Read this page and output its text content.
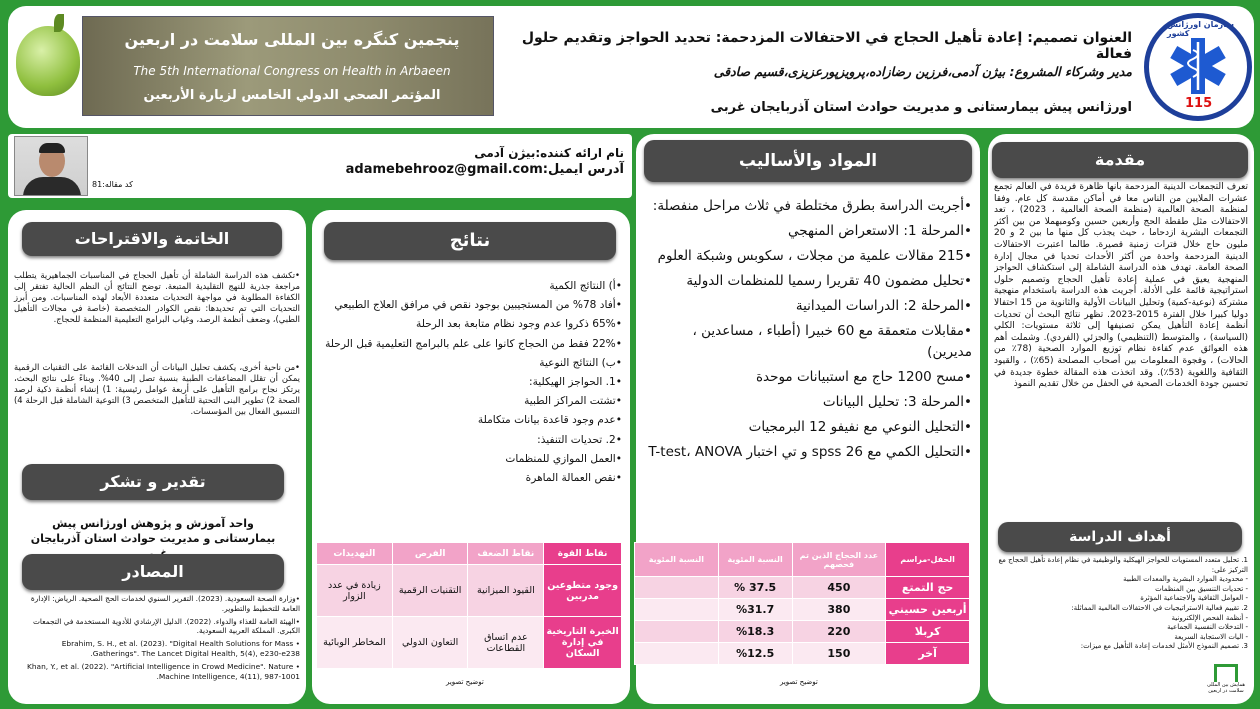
115
سازمان اورژانس کشور
العنوان تصميم: إعادة تأهيل الحجاج في الاحتفالات المزدحمة: تحديد الحواجز وتقديم حلول فعالة
مدير وشركاء المشروع: بيژن آدمی،فرزین رضازاده،پرویزپورعزیزی،قسیم صادقی
اورژانس پیش بیمارستانی و مدیریت حوادث استان آذربایجان غربی
پنجمین کنگره بین المللی سلامت در اربعین
The 5th International Congress on Health in Arbaeen
المؤتمر الصحي الدولي الخامس لزيارة الأربعين
کد مقاله:81
نام ارائه کننده:بیژن آدمی
آدرس ایمیل:adamebehrooz@gmail.com
مقدمة
تعرف التجمعات الدينية المزدحمة بأنها ظاهرة فريدة في العالم تجمع عشرات الملايين من الناس معا في أماكن مقدسة كل عام. وفقا لمنظمة الصحة العالمية (منظمة الصحة العالمية ، 2023) ، تعد الاحتفالات مثل طقطة الحج وأربعين حسين وكومبهملا من بين أكثر التجمعات البشرية ازدحاما ، حيث يجذب كل منها ما بين 2 و 20 مليون حاج خلال فترات زمنية قصيرة. طالما اعتبرت الاحتفالات الدينية المزدحمة واحدة من أكثر الأحداث تحديا في مجال إدارة الصحة العامة. تهدف هذه الدراسة الشاملة إلى استكشاف الحواجز المنهجية يعيق في عملية إعادة تأهيل الحجاج وتصميم حلول استراتيجية قائمة على الأدلة. أجريت هذه الدراسة باستخدام منهجية مشتركة (نوعية-كمية) وتحليل البيانات الأولية والثانوية من 15 احتفالا دوليا كبيرا خلال الفترة 2015-2023. تظهر نتائج البحث أن تحديات أنظمة إعادة التأهيل يمكن تصنيفها إلى ثلاثة مستويات: الكلي (السياسة) ، والمتوسط (التنظيمي) والجزئي (الفردي). وشملت أهم هذه العوائق عدم كفاءة نظام توزيع الموارد الصحية (78٪ من الحالات) ، وفجوة المعلومات بين أصحاب المصلحة (65٪) ، والقيود الثقافية واللغوية (53٪). وقد اتخذت هذه المقالة خطوة جديدة في تحسين جودة الخدمات الصحية في الحفل من خلال تقديم النموذ
أهداف الدراسة
1. تحليل متعدد المستويات للحواجز الهيكلية والوظيفية في نظام إعادة تأهيل الحجاج مع التركيز على:
- محدودية الموارد البشرية والمعدات الطبية
- تحديات التنسيق بين المنظمات
- العوامل الثقافية والاجتماعية المؤثرة
2. تقييم فعالية الاستراتيجيات في الاحتفالات العالمية المماثلة:
- أنظمة الفحص الإلكترونية
- التدخلات النفسية الجماعية
- اليات الاستجابة السريعة
3. تصميم النموذج الأمثل لخدمات إعادة التأهيل مع ميزات:
همایش بین المللی سلامت در اربعین
المواد والأساليب
•أجريت الدراسة بطرق مختلطة في ثلاث مراحل منفصلة:
•المرحلة 1: الاستعراض المنهجي
•215 مقالات علمية من مجلات ، سكوبس وشبكة العلوم
•تحليل مضمون 40 تقريرا رسميا للمنظمات الدولية
•المرحلة 2: الدراسات الميدانية
•مقابلات متعمقة مع 60 خبيرا (أطباء ، مساعدين ، مديرين)
•مسح 1200 حاج مع استبيانات موحدة
•المرحلة 3: تحليل البيانات
•التحليل النوعي مع نفيفو 12 البرمجيات
•التحليل الكمي مع spss 26 و تي اختبار T-test، ANOVA
الحفل-مراسم	عدد الحجاج الذين تم فحصهم	النسبة المئوية	النسبة المئوية
حج التمتع	450	37.5 %	
أربعين حسيني	380	%31.7	
كربلا	220	%18.3	
آخر	150	%12.5	
توضيح تصویر
نتائج
•أ) النتائج الكمية
•أفاد 78% من المستجيبين بوجود نقص في مرافق العلاج الطبيعي
•65% ذكروا عدم وجود نظام متابعة بعد الرحلة
•22% فقط من الحجاج كانوا على علم بالبرامج التعليمية قبل الرحلة
•ب) النتائج النوعية
•1. الحواجز الهيكلية:
•تشتت المراكز الطبية
•عدم وجود قاعدة بيانات متكاملة
•2. تحديات التنفيذ:
•العمل الموازي للمنظمات
•نقص العمالة الماهرة
نقاط القوة	نقاط الضعف	الفرص	التهديدات
وجود متطوعين مدربين	القيود الميزانية	التقنيات الرقمية	زيادة في عدد الزوار
الخبرة التاريخية في إدارة السكان	عدم اتساق القطاعات	التعاون الدولي	المخاطر الوبائية
توضيح تصویر
الخاتمة والاقتراحات
•تكشف هذه الدراسة الشاملة أن تأهيل الحجاج في المناسبات الجماهيرية يتطلب مراجعة جذرية للنهج التقليدية المتبعة. توضح النتائج أن النظم الحالية تفتقر إلى الكفاءة المطلوبة في مواجهة التحديات متعددة الأبعاد لهذه المناسبات. ومن أبرز التحديات التي تم تحديدها: نقص الكوادر المتخصصة (خاصة في مجالات التأهيل الطبي)، وضعف أنظمة الرصد، وغياب البرامج التعليمية المنظمة للحجاج.
•من ناحية أخرى، يكشف تحليل البيانات أن التدخلات القائمة على التقنيات الرقمية يمكن أن تقلل المضاعفات الطبية بنسبة تصل إلى 40%. وبناءً على نتائج البحث، يرتكز نجاح برامج التأهيل على أربعة عوامل رئيسية: 1) إنشاء أنظمة ذكية لرصد الصحة 2) تطوير البنى التحتية للتأهيل المتخصص 3) التوعية الشاملة قبل الرحلة 4) التنسيق الفعال بين المؤسسات.
تقدير و تشکر
واحد آموزش و پژوهش اورژانس پیش بیمارستانی و مدیریت حوادث استان آذربایجان
المصادر
•وزارة الصحة السعودية. (2023). التقرير السنوي لخدمات الحج الصحية. الرياض: الإدارة العامة للتخطيط والتطوير.
•الهيئة العامة للغذاء والدواء. (2022). الدليل الإرشادي للأدوية المستخدمة في التجمعات الكبرى. المملكة العربية السعودية.
• Ebrahim, S. H., et al. (2023). "Digital Health Solutions for Mass Gatherings". The Lancet Digital Health, 5(4), e230-e238.
• Khan, Y., et al. (2022). "Artificial Intelligence in Crowd Medicine". Nature Machine Intelligence, 4(11), 987-1001.
